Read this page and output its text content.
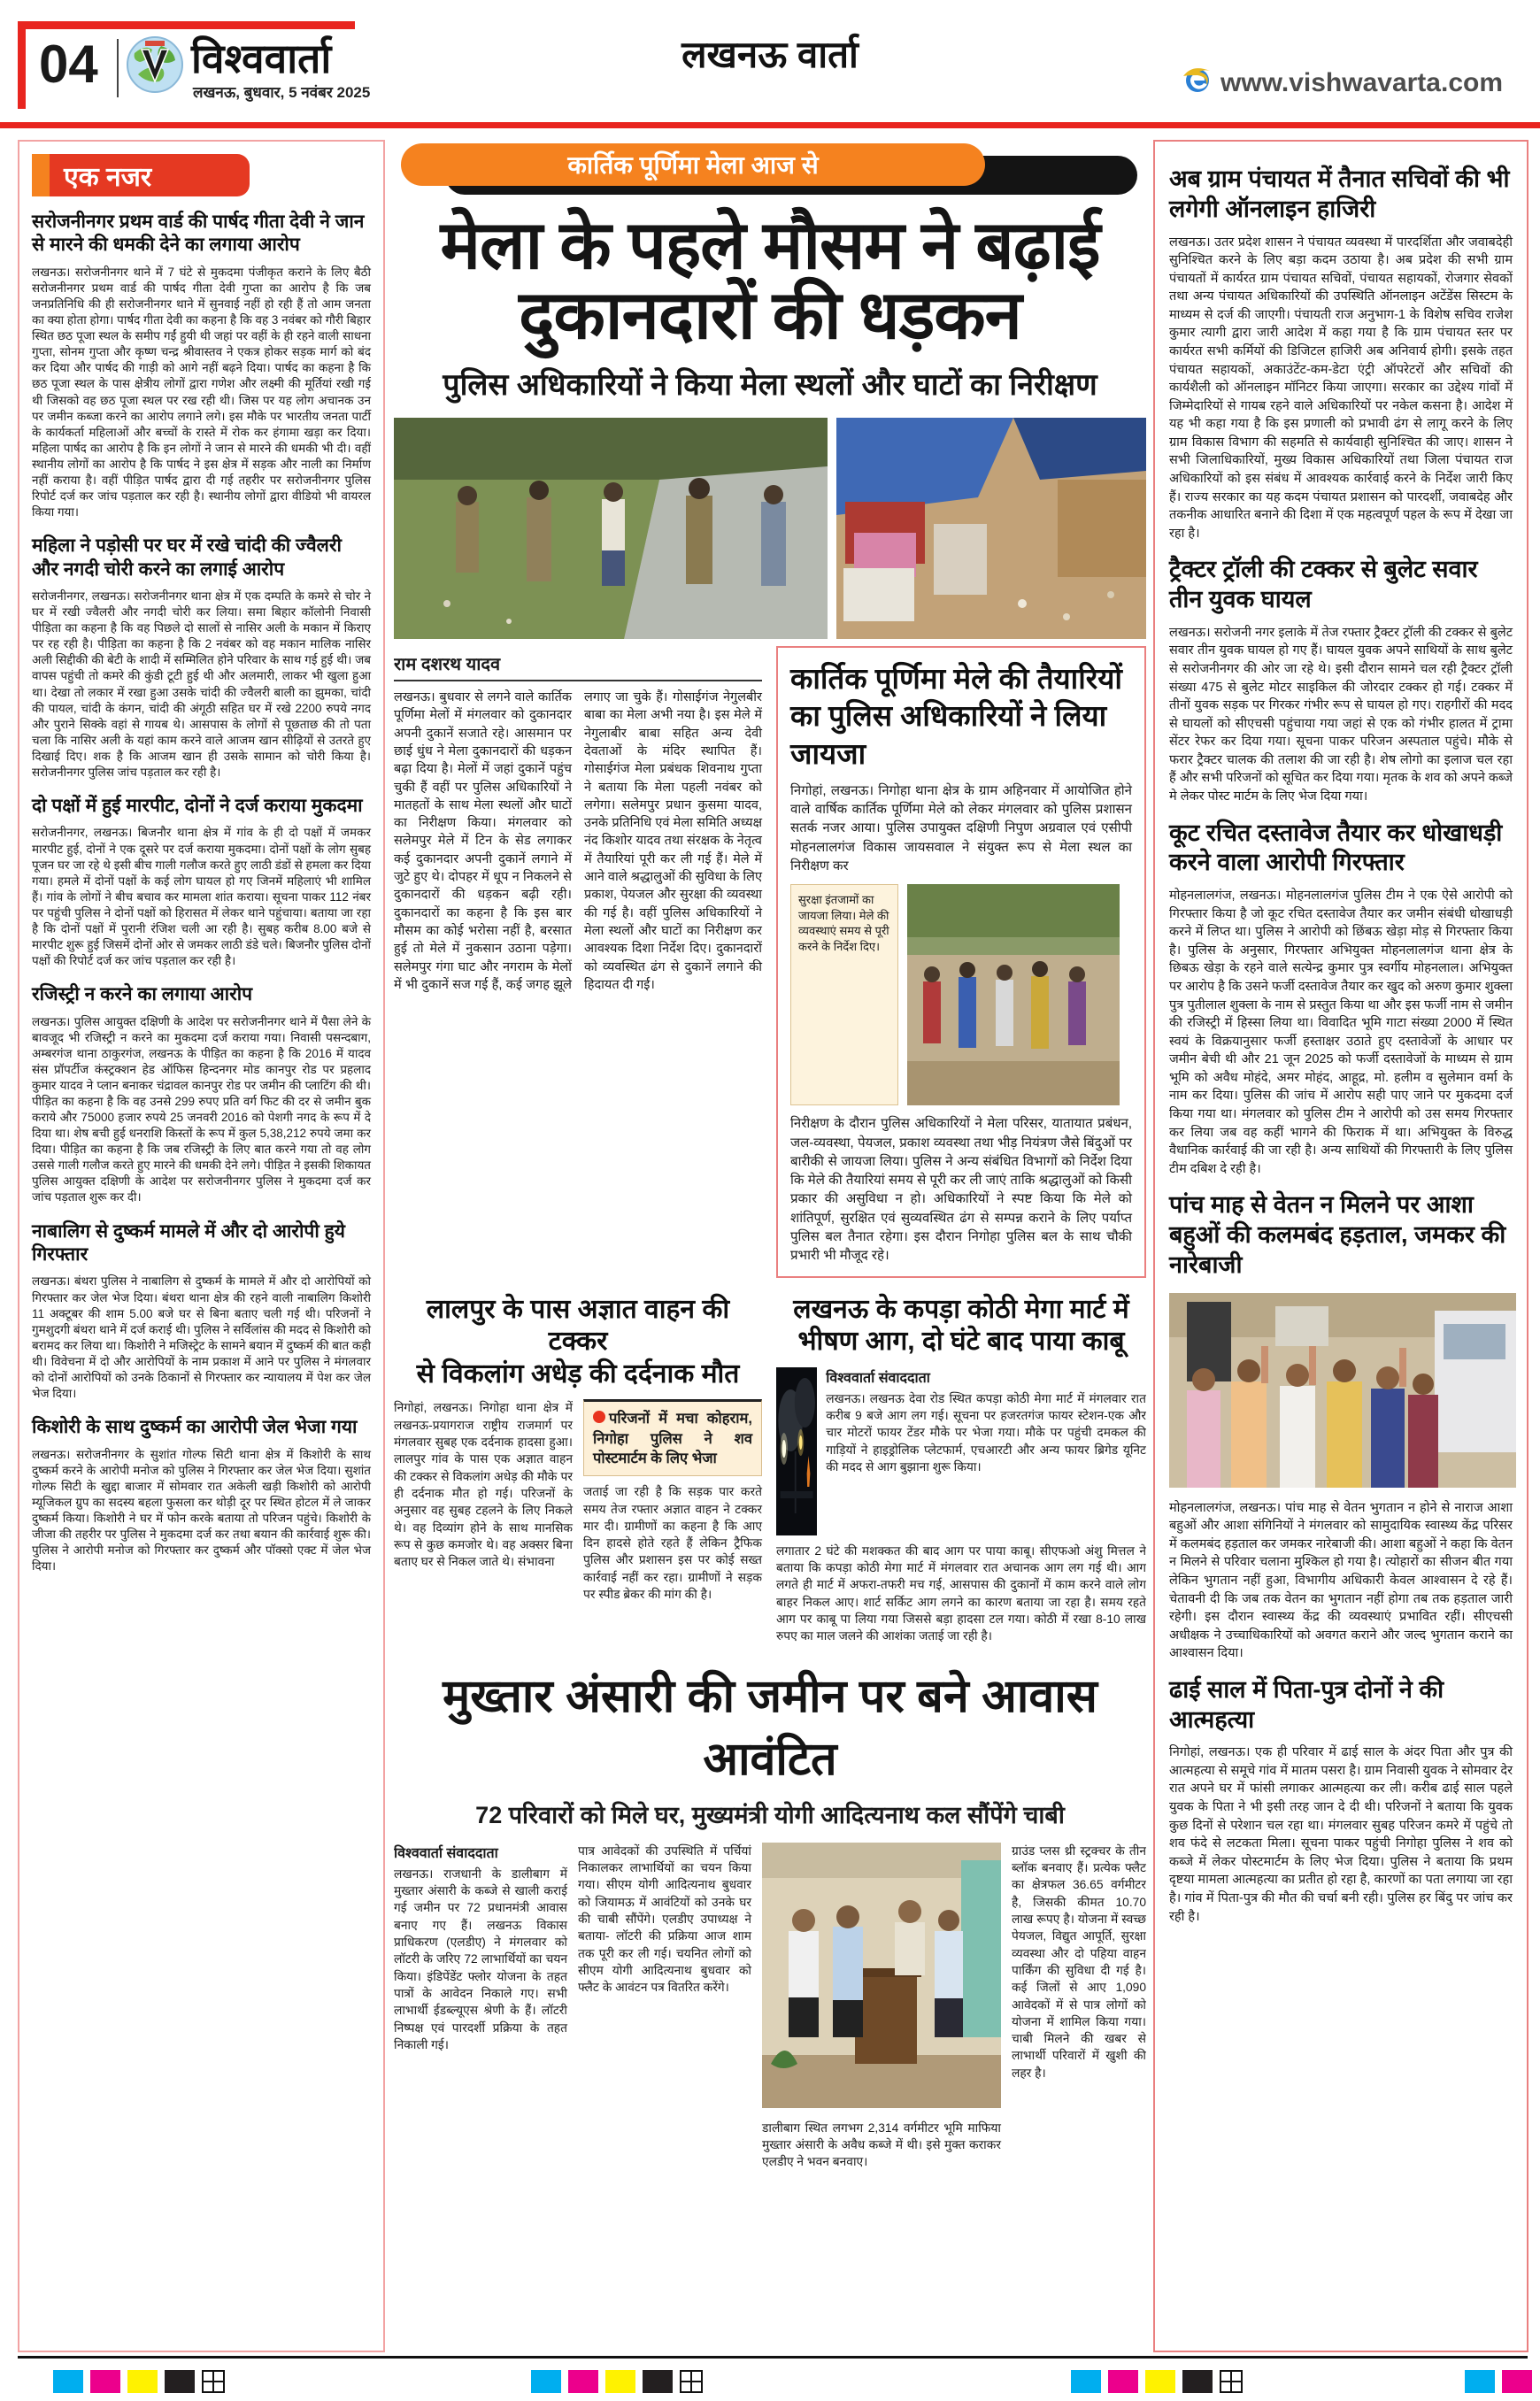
04 विश्ववार्ता
लखनऊ, बुधवार, 5 नवंबर 2025
लखनऊ वार्ता
www.vishwavarta.com
एक नजर
सरोजनीनगर प्रथम वार्ड की पार्षद गीता देवी ने जान से मारने की धमकी देने का लगाया आरोप

लखनऊ। सरोजनीनगर थाने में 7 घंटे से मुकदमा पंजीकृत कराने के लिए बैठी सरोजनीनगर प्रथम वार्ड की पार्षद गीता देवी गुप्ता का आरोप है कि जब जनप्रतिनिधि की ही सरोजनीनगर थाने में सुनवाई नहीं हो रही हैं तो आम जनता का क्या होता होगा। पार्षद गीता देवी का कहना है कि वह 3 नवंबर को गौरी बिहार स्थित छठ पूजा स्थल के समीप गईं हुयी थी जहां पर वहीं के ही रहने वाली साधना गुप्ता, सोनम गुप्ता और कृष्ण चन्द्र श्रीवास्तव ने एकत्र होकर सड़क मार्ग को बंद कर दिया और पार्षद की गाड़ी को आगे नहीं बढ़ने दिया। पार्षद का कहना है कि छठ पूजा स्थल के पास क्षेत्रीय लोगों द्वारा गणेश और लक्ष्मी की मूर्तियां रखी गई थी जिसको वह छठ पूजा स्थल पर रख रही थी। जिस पर यह लोग अचानक उन पर जमीन कब्जा करने का आरोप लगाने लगे। इस मौके पर भारतीय जनता पार्टी के कार्यकर्ता महिलाओं और बच्चों के रास्ते में रोक कर हंगामा खड़ा कर दिया। महिला पार्षद का आरोप है कि इन लोगों ने जान से मारने की धमकी भी दी। वहीं स्थानीय लोगों का आरोप है कि पार्षद ने इस क्षेत्र में सड़क और नाली का निर्माण नहीं कराया है। वहीं पीड़ित पार्षद द्वारा दी गई तहरीर पर सरोजनीनगर पुलिस रिपोर्ट दर्ज कर जांच पड़ताल कर रही है। स्थानीय लोगों द्वारा वीडियो भी वायरल किया गया।

महिला ने पड़ोसी पर घर में रखे चांदी की ज्वैलरी और नगदी चोरी करने का लगाई आरोप

सरोजनीनगर, लखनऊ। सरोजनीनगर थाना क्षेत्र में एक दम्पति के कमरे से चोर ने घर में रखी ज्वैलरी और नगदी चोरी कर लिया। समा बिहार कॉलोनी निवासी पीड़िता का कहना है कि वह पिछले दो सालों से नासिर अली के मकान में किराए पर रह रही है। पीड़िता का कहना है कि 2 नवंबर को वह मकान मालिक नासिर अली सिद्दीकी की बेटी के शादी में सम्मिलित होने परिवार के साथ गई हुई थी। जब वापस पहुंची तो कमरे की कुंडी टूटी हुई थी और अलमारी, लाकर भी खुला हुआ था। देखा तो लकार में रखा हुआ उसके चांदी की ज्वैलरी बाली का झुमका, चांदी की पायल, चांदी के कंगन, चांदी की अंगूठी सहित घर में रखे 2200 रुपये नगद और पुराने सिक्के वहां से गायब थे। आसपास के लोगों से पूछताछ की तो पता चला कि नासिर अली के यहां काम करने वाले आजम खान सीढ़ियों से उतरते हुए दिखाई दिए। शक है कि आजम खान ही उसके सामान को चोरी किया है। सरोजनीनगर पुलिस जांच पड़ताल कर रही है।

दो पक्षों में हुई मारपीट, दोनों ने दर्ज कराया मुकदमा

सरोजनीनगर, लखनऊ। बिजनौर थाना क्षेत्र में गांव के ही दो पक्षों में जमकर मारपीट हुई, दोनों ने एक दूसरे पर दर्ज कराया मुकदमा। दोनों पक्षों के लोग सुबह पूजन घर जा रहे थे इसी बीच गाली गलौज करते हुए लाठी डंडों से हमला कर दिया गया। हमले में दोनों पक्षों के कई लोग घायल हो गए जिनमें महिलाएं भी शामिल हैं। गांव के लोगों ने बीच बचाव कर मामला शांत कराया। सूचना पाकर 112 नंबर पर पहुंची पुलिस ने दोनों पक्षों को हिरासत में लेकर थाने पहुंचाया। बताया जा रहा है कि दोनों पक्षों में पुरानी रंजिश चली आ रही है। सुबह करीब 8.00 बजे से मारपीट शुरू हुई जिसमें दोनों ओर से जमकर लाठी डंडे चले। बिजनौर पुलिस दोनों पक्षों की रिपोर्ट दर्ज कर जांच पड़ताल कर रही है।

रजिस्ट्री न करने का लगाया आरोप

लखनऊ। पुलिस आयुक्त दक्षिणी के आदेश पर सरोजनीनगर थाने में पैसा लेने के बावजूद भी रजिस्ट्री न करने का मुकदमा दर्ज कराया गया। निवासी पसन्दबाग, अम्बरगंज थाना ठाकुरगंज, लखनऊ के पीड़ित का कहना है कि 2016 में यादव संस प्रॉपर्टीज कंस्ट्रक्शन हेड ऑफिस हिन्दनगर मोड कानपुर रोड पर प्रहलाद कुमार यादव ने प्लान बनाकर चंद्रावल कानपुर रोड पर जमीन की प्लाटिंग की थी। पीड़ित का कहना है कि वह उनसे 299 रुपए प्रति वर्ग फिट की दर से जमीन बुक कराये और 75000 हजार रुपये 25 जनवरी 2016 को पेशगी नगद के रूप में दे दिया था। शेष बची हुई धनराशि किस्तों के रूप में कुल 5,38,212 रुपये जमा कर दिया। पीड़ित का कहना है कि जब रजिस्ट्री के लिए बात करने गया तो वह लोग उससे गाली गलौज करते हुए मारने की धमकी देने लगे। पीड़ित ने इसकी शिकायत पुलिस आयुक्त दक्षिणी के आदेश पर सरोजनीनगर पुलिस ने मुकदमा दर्ज कर जांच पड़ताल शुरू कर दी।

नाबालिग से दुष्कर्म मामले में और दो आरोपी हुये गिरफ्तार

लखनऊ। बंथरा पुलिस ने नाबालिग से दुष्कर्म के मामले में और दो आरोपियों को गिरफ्तार कर जेल भेज दिया। बंथरा थाना क्षेत्र की रहने वाली नाबालिग किशोरी 11 अक्टूबर की शाम 5.00 बजे घर से बिना बताए चली गई थी। परिजनों ने गुमशुदगी बंथरा थाने में दर्ज कराई थी। पुलिस ने सर्विलांस की मदद से किशोरी को बरामद कर लिया था। किशोरी ने मजिस्ट्रेट के सामने बयान में दुष्कर्म की बात कही थी। विवेचना में दो और आरोपियों के नाम प्रकाश में आने पर पुलिस ने मंगलवार को दोनों आरोपियों को उनके ठिकानों से गिरफ्तार कर न्यायालय में पेश कर जेल भेज दिया।

किशोरी के साथ दुष्कर्म का आरोपी जेल भेजा गया

लखनऊ। सरोजनीनगर के सुशांत गोल्फ सिटी थाना क्षेत्र में किशोरी के साथ दुष्कर्म करने के आरोपी मनोज को पुलिस ने गिरफ्तार कर जेल भेज दिया। सुशांत गोल्फ सिटी के खुद्दा बाजार में सोमवार रात अकेली खड़ी किशोरी को आरोपी म्यूजिकल ग्रुप का सदस्य बहला फुसला कर थोड़ी दूर पर स्थित होटल में ले जाकर दुष्कर्म किया। किशोरी ने घर में फोन करके बताया तो परिजन पहुंचे। किशोरी के जीजा की तहरीर पर पुलिस ने मुकदमा दर्ज कर तथा बयान की कार्रवाई शुरू की। पुलिस ने आरोपी मनोज को गिरफ्तार कर दुष्कर्म और पॉक्सो एक्ट में जेल भेज दिया।

कार्तिक पूर्णिमा मेला आज से
मेला के पहले मौसम ने बढ़ाई
दुकानदारों की धड़कन
पुलिस अधिकारियों ने किया मेला स्थलों और घाटों का निरीक्षण
राम दशरथ यादव
लखनऊ। बुधवार से लगने वाले कार्तिक पूर्णिमा मेलों में मंगलवार को दुकानदार अपनी दुकानें सजाते रहे। आसमान पर छाई धुंध ने मेला दुकानदारों की धड़कन बढ़ा दिया है। मेलों में जहां दुकानें पहुंच चुकी हैं वहीं पर पुलिस अधिकारियों ने मातहतों के साथ मेला स्थलों और घाटों का निरीक्षण किया। मंगलवार को सलेमपुर मेले में टिन के सेड लगाकर कई दुकानदार अपनी दुकानें लगाने में जुटे हुए थे। दोपहर में धूप न निकलने से दुकानदारों की धड़कन बढ़ी रही। दुकानदारों का कहना है कि इस बार मौसम का कोई भरोसा नहीं है, बरसात हुई तो मेले में नुकसान उठाना पड़ेगा। सलेमपुर गंगा घाट और नगराम के मेलों में भी दुकानें सज गई हैं, कई जगह झूले लगाए जा चुके हैं। गोसाईगंज नेगुलबीर बाबा का मेला अभी नया है। इस मेले में नेगुलाबीर बाबा सहित अन्य देवी देवताओं के मंदिर स्थापित हैं। गोसाईगंज मेला प्रबंधक शिवनाथ गुप्ता ने बताया कि मेला पहली नवंबर को लगेगा। सलेमपुर प्रधान कुसमा यादव, उनके प्रतिनिधि एवं मेला समिति अध्यक्ष नंद किशोर यादव तथा संरक्षक के नेतृत्व में तैयारियां पूरी कर ली गई हैं। मेले में आने वाले श्रद्धालुओं की सुविधा के लिए प्रकाश, पेयजल और सुरक्षा की व्यवस्था की गई है। वहीं पुलिस अधिकारियों ने मेला स्थलों और घाटों का निरीक्षण कर आवश्यक दिशा निर्देश दिए। दुकानदारों को व्यवस्थित ढंग से दुकानें लगाने की हिदायत दी गई।
कार्तिक पूर्णिमा मेले की तैयारियों का पुलिस अधिकारियों ने लिया जायजा

निगोहां, लखनऊ। निगोहा थाना क्षेत्र के ग्राम अहिनवार में आयोजित होने वाले वार्षिक कार्तिक पूर्णिमा मेले को लेकर मंगलवार को पुलिस प्रशासन सतर्क नजर आया। पुलिस उपायुक्त दक्षिणी निपुण अग्रवाल एवं एसीपी मोहनलालगंज विकास जायसवाल ने संयुक्त रूप से मेला स्थल का निरीक्षण कर

सुरक्षा इंतजामों का जायजा लिया। मेले की व्यवस्थाएं समय से पूरी करने के निर्देश दिए।

निरीक्षण के दौरान पुलिस अधिकारियों ने मेला परिसर, यातायात प्रबंधन, जल-व्यवस्था, पेयजल, प्रकाश व्यवस्था तथा भीड़ नियंत्रण जैसे बिंदुओं पर बारीकी से जायजा लिया। पुलिस ने अन्य संबंधित विभागों को निर्देश दिया कि मेले की तैयारियां समय से पूरी कर ली जाएं ताकि श्रद्धालुओं को किसी प्रकार की असुविधा न हो। अधिकारियों ने स्पष्ट किया कि मेले को शांतिपूर्ण, सुरक्षित एवं सुव्यवस्थित ढंग से सम्पन्न कराने के लिए पर्याप्त पुलिस बल तैनात रहेगा। इस दौरान निगोहा पुलिस बल के साथ चौकी प्रभारी भी मौजूद रहे।

लालपुर के पास अज्ञात वाहन की टक्कर
से विकलांग अधेड़ की दर्दनाक मौत
निगोहां, लखनऊ। निगोहा थाना क्षेत्र में लखनऊ-प्रयागराज राष्ट्रीय राजमार्ग पर मंगलवार सुबह एक दर्दनाक हादसा हुआ। लालपुर गांव के पास एक अज्ञात वाहन की टक्कर से विकलांग अधेड़ की मौके पर ही दर्दनाक मौत हो गई। परिजनों के अनुसार वह सुबह टहलने के लिए निकले थे। वह दिव्यांग होने के साथ मानसिक रूप से कुछ कमजोर थे। वह अक्सर बिना बताए घर से निकल जाते थे। संभावना
परिजनों में मचा कोहराम, निगोहा पुलिस ने शव पोस्टमार्टम के लिए भेजा
जताई जा रही है कि सड़क पार करते समय तेज रफ्तार अज्ञात वाहन ने टक्कर मार दी। ग्रामीणों का कहना है कि आए दिन हादसे होते रहते हैं लेकिन ट्रैफिक पुलिस और प्रशासन इस पर कोई सख्त कार्रवाई नहीं कर रहा। ग्रामीणों ने सड़क पर स्पीड ब्रेकर की मांग की है।
लखनऊ के कपड़ा कोठी मेगा मार्ट में
भीषण आग, दो घंटे बाद पाया काबू
विश्ववार्ता संवाददाता

लखनऊ। लखनऊ देवा रोड स्थित कपड़ा कोठी मेगा मार्ट में मंगलवार रात करीब 9 बजे आग लग गई। सूचना पर हजरतगंज फायर स्टेशन-एक और चार मोटरों फायर टेंडर मौके पर भेजा गया। मौके पर पहुंची दमकल की गाड़ियों ने हाइड्रोलिक प्लेटफार्म, एचआरटी और अन्य फायर ब्रिगेड यूनिट की मदद से आग बुझाना शुरू किया।

लगातार 2 घंटे की मशक्कत की बाद आग पर पाया काबू। सीएफओ अंशु मित्तल ने बताया कि कपड़ा कोठी मेगा मार्ट में मंगलवार रात अचानक आग लग गई थी। आग लगते ही मार्ट में अफरा-तफरी मच गई, आसपास की दुकानों में काम करने वाले लोग बाहर निकल आए। शार्ट सर्किट आग लगने का कारण बताया जा रहा है। समय रहते आग पर काबू पा लिया गया जिससे बड़ा हादसा टल गया। कोठी में रखा 8-10 लाख रुपए का माल जलने की आशंका जताई जा रही है।

मुख्तार अंसारी की जमीन पर बने आवास आवंटित
72 परिवारों को मिले घर, मुख्यमंत्री योगी आदित्यनाथ कल सौंपेंगे चाबी
विश्ववार्ता संवाददाता
लखनऊ। राजधानी के डालीबाग में मुख्तार अंसारी के कब्जे से खाली कराई गई जमीन पर 72 प्रधानमंत्री आवास बनाए गए हैं। लखनऊ विकास प्राधिकरण (एलडीए) ने मंगलवार को लॉटरी के जरिए 72 लाभार्थियों का चयन किया। इंडिपेंडेंट फ्लोर योजना के तहत पात्रों के आवेदन निकाले गए। सभी लाभार्थी ईडब्ल्यूएस श्रेणी के हैं। लॉटरी निष्पक्ष एवं पारदर्शी प्रक्रिया के तहत निकाली गई।
पात्र आवेदकों की उपस्थिति में पर्चियां निकालकर लाभार्थियों का चयन किया गया। सीएम योगी आदित्यनाथ बुधवार को जियामऊ में आवंटियों को उनके घर की चाबी सौंपेंगे। एलडीए उपाध्यक्ष ने बताया- लॉटरी की प्रक्रिया आज शाम तक पूरी कर ली गई। चयनित लोगों को सीएम योगी आदित्यनाथ बुधवार को फ्लैट के आवंटन पत्र वितरित करेंगे।
डालीबाग स्थित लगभग 2,314 वर्गमीटर भूमि माफिया मुख्तार अंसारी के अवैध कब्जे में थी। इसे मुक्त कराकर एलडीए ने भवन बनवाए।
ग्राउंड प्लस थ्री स्ट्रक्चर के तीन ब्लॉक बनवाए हैं। प्रत्येक फ्लैट का क्षेत्रफल 36.65 वर्गमीटर है, जिसकी कीमत 10.70 लाख रूपए है। योजना में स्वच्छ पेयजल, विद्युत आपूर्ति, सुरक्षा व्यवस्था और दो पहिया वाहन पार्किंग की सुविधा दी गई है। कई जिलों से आए 1,090 आवेदकों में से पात्र लोगों को योजना में शामिल किया गया। चाबी मिलने की खबर से लाभार्थी परिवारों में खुशी की लहर है।
अब ग्राम पंचायत में तैनात सचिवों की भी लगेगी ऑनलाइन हाजिरी

लखनऊ। उतर प्रदेश शासन ने पंचायत व्यवस्था में पारदर्शिता और जवाबदेही सुनिश्चित करने के लिए बड़ा कदम उठाया है। अब प्रदेश की सभी ग्राम पंचायतों में कार्यरत ग्राम पंचायत सचिवों, पंचायत सहायकों, रोजगार सेवकों तथा अन्य पंचायत अधिकारियों की उपस्थिति ऑनलाइन अटेंडेंस सिस्टम के माध्यम से दर्ज की जाएगी। पंचायती राज अनुभाग-1 के विशेष सचिव राजेश कुमार त्यागी द्वारा जारी आदेश में कहा गया है कि ग्राम पंचायत स्तर पर कार्यरत सभी कर्मियों की डिजिटल हाजिरी अब अनिवार्य होगी। इसके तहत पंचायत सहायकों, अकाउंटेंट-कम-डेटा एंट्री ऑपरेटरों और सचिवों की कार्यशैली को ऑनलाइन मॉनिटर किया जाएगा। सरकार का उद्देश्य गांवों में जिम्मेदारियों से गायब रहने वाले अधिकारियों पर नकेल कसना है। आदेश में यह भी कहा गया है कि इस प्रणाली को प्रभावी ढंग से लागू करने के लिए ग्राम विकास विभाग की सहमति से कार्यवाही सुनिश्चित की जाए। शासन ने सभी जिलाधिकारियों, मुख्य विकास अधिकारियों तथा जिला पंचायत राज अधिकारियों को इस संबंध में आवश्यक कार्रवाई करने के निर्देश जारी किए हैं। राज्य सरकार का यह कदम पंचायत प्रशासन को पारदर्शी, जवाबदेह और तकनीक आधारित बनाने की दिशा में एक महत्वपूर्ण पहल के रूप में देखा जा रहा है।

ट्रैक्टर ट्रॉली की टक्कर से बुलेट सवार तीन युवक घायल

लखनऊ। सरोजनी नगर इलाके में तेज रफ्तार ट्रैक्टर ट्रॉली की टक्कर से बुलेट सवार तीन युवक घायल हो गए हैं। घायल युवक अपने साथियों के साथ बुलेट से सरोजनीनगर की ओर जा रहे थे। इसी दौरान सामने चल रही ट्रैक्टर ट्रॉली संख्या 475 से बुलेट मोटर साइकिल की जोरदार टक्कर हो गई। टक्कर में तीनों युवक सड़क पर गिरकर गंभीर रूप से घायल हो गए। राहगीरों की मदद से घायलों को सीएचसी पहुंचाया गया जहां से एक को गंभीर हालत में ट्रामा सेंटर रेफर कर दिया गया। सूचना पाकर परिजन अस्पताल पहुंचे। मौके से फरार ट्रैक्टर चालक की तलाश की जा रही है। शेष लोगो का इलाज चल रहा हैं और सभी परिजनों को सूचित कर दिया गया। मृतक के शव को अपने कब्जे मे लेकर पोस्ट मार्टम के लिए भेज दिया गया।

कूट रचित दस्तावेज तैयार कर धोखाधड़ी करने वाला आरोपी गिरफ्तार

मोहनलालगंज, लखनऊ। मोहनलालगंज पुलिस टीम ने एक ऐसे आरोपी को गिरफ्तार किया है जो कूट रचित दस्तावेज तैयार कर जमीन संबंधी धोखाधड़ी करने में लिप्त था। पुलिस ने आरोपी को छिंबऊ खेड़ा मोड़ से गिरफ्तार किया है। पुलिस के अनुसार, गिरफ्तार अभियुक्त मोहनलालगंज थाना क्षेत्र के छिबऊ खेड़ा के रहने वाले सत्येन्द्र कुमार पुत्र स्वर्गीय मोहनलाल। अभियुक्त पर आरोप है कि उसने फर्जी दस्तावेज तैयार कर खुद को अरुण कुमार शुक्ला पुत्र पुतीलाल शुक्ला के नाम से प्रस्तुत किया था और इस फर्जी नाम से जमीन की रजिस्ट्री में हिस्सा लिया था। विवादित भूमि गाटा संख्या 2000 में स्थित स्वयं के विक्रयानुसार फर्जी हस्ताक्षर उठाते हुए दस्तावेजों के आधार पर जमीन बेची थी और 21 जून 2025 को फर्जी दस्तावेजों के माध्यम से ग्राम भूमि को अवैध मोहंदे, अमर मोहंद, आहूद्र, मो. हलीम व सुलेमान वर्मा के नाम कर दिया। पुलिस की जांच में आरोप सही पाए जाने पर मुकदमा दर्ज किया गया था। मंगलवार को पुलिस टीम ने आरोपी को उस समय गिरफ्तार कर लिया जब वह कहीं भागने की फिराक में था। अभियुक्त के विरुद्ध वैधानिक कार्रवाई की जा रही है। अन्य साथियों की गिरफ्तारी के लिए पुलिस टीम दबिश दे रही है।

पांच माह से वेतन न मिलने पर आशा बहुओं की कलमबंद हड़ताल, जमकर की नारेबाजी

मोहनलालगंज, लखनऊ। पांच माह से वेतन भुगतान न होने से नाराज आशा बहुओं और आशा संगिनियों ने मंगलवार को सामुदायिक स्वास्थ्य केंद्र परिसर में कलमबंद हड़ताल कर जमकर नारेबाजी की। आशा बहुओं ने कहा कि वेतन न मिलने से परिवार चलाना मुश्किल हो गया है। त्योहारों का सीजन बीत गया लेकिन भुगतान नहीं हुआ, विभागीय अधिकारी केवल आश्वासन दे रहे हैं। चेतावनी दी कि जब तक वेतन का भुगतान नहीं होगा तब तक हड़ताल जारी रहेगी। इस दौरान स्वास्थ्य केंद्र की व्यवस्थाएं प्रभावित रहीं। सीएचसी अधीक्षक ने उच्चाधिकारियों को अवगत कराने और जल्द भुगतान कराने का आश्वासन दिया।

ढाई साल में पिता-पुत्र दोनों ने की आत्महत्या

निगोहां, लखनऊ। एक ही परिवार में ढाई साल के अंदर पिता और पुत्र की आत्महत्या से समूचे गांव में मातम पसरा है। ग्राम निवासी युवक ने सोमवार देर रात अपने घर में फांसी लगाकर आत्महत्या कर ली। करीब ढाई साल पहले युवक के पिता ने भी इसी तरह जान दे दी थी। परिजनों ने बताया कि युवक कुछ दिनों से परेशान चल रहा था। मंगलवार सुबह परिजन कमरे में पहुंचे तो शव फंदे से लटकता मिला। सूचना पाकर पहुंची निगोहा पुलिस ने शव को कब्जे में लेकर पोस्टमार्टम के लिए भेज दिया। पुलिस ने बताया कि प्रथम दृष्टया मामला आत्महत्या का प्रतीत हो रहा है, कारणों का पता लगाया जा रहा है। गांव में पिता-पुत्र की मौत की चर्चा बनी रही। पुलिस हर बिंदु पर जांच कर रही है।
